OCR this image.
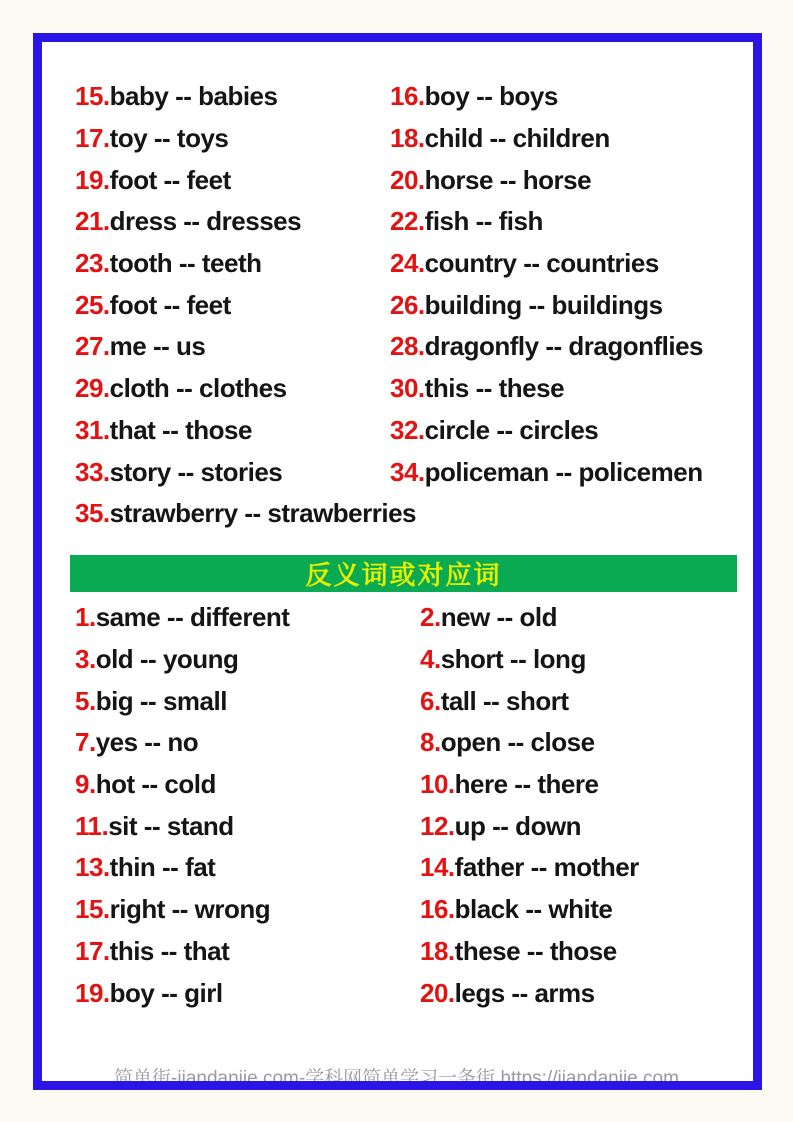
15. baby -- babies	16. boy -- boys
17. toy -- toys	18. child -- children
19. foot -- feet	20. horse -- horse
21. dress -- dresses	22. fish -- fish
23. tooth -- teeth	24. country -- countries
25. foot -- feet	26. building -- buildings
27. me -- us	28. dragonfly -- dragonflies
29. cloth -- clothes	30. this -- these
31. that -- those	32. circle -- circles
33. story -- stories	34. policeman -- policemen
35. strawberry -- strawberries
反义词或对应词
1. same -- different	2. new -- old
3. old -- young	4. short -- long
5. big -- small	6. tall -- short
7. yes -- no	8. open -- close
9. hot -- cold	10. here -- there
11. sit -- stand	12. up -- down
13. thin -- fat	14. father -- mother
15. right -- wrong	16. black -- white
17. this -- that	18. these -- those
19. boy -- girl	20. legs -- arms
简单街-jiandanjie.com-学科网简单学习一条街 https://jiandanjie.com
